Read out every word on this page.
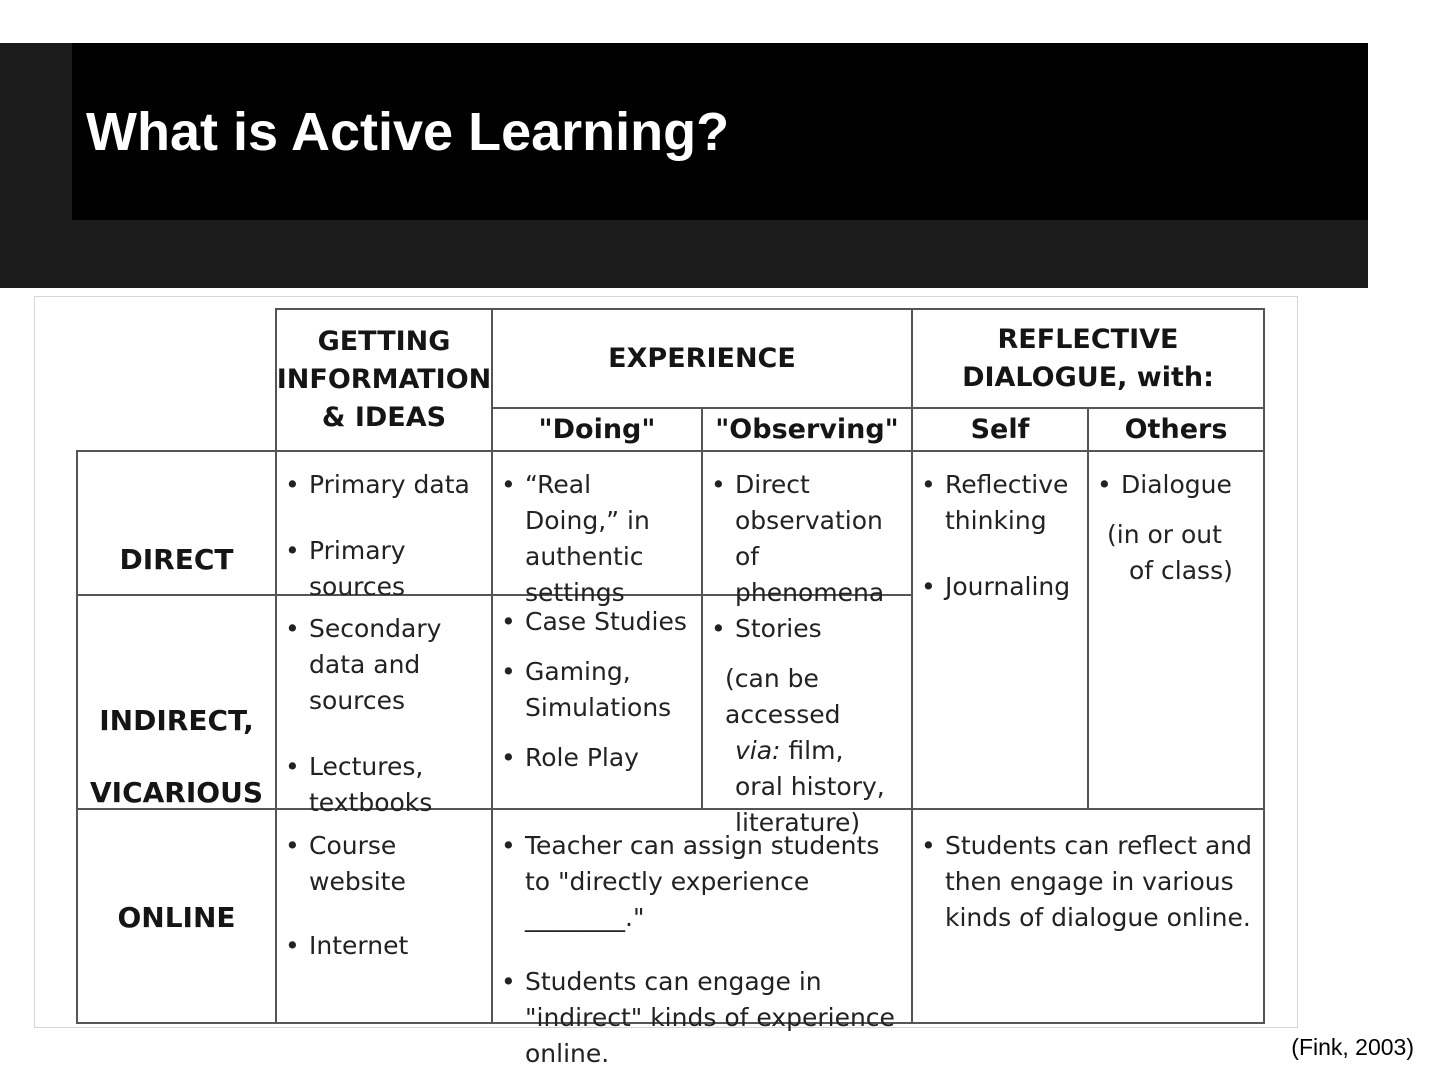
What is Active Learning?
GETTING INFORMATION & IDEAS
EXPERIENCE
REFLECTIVE DIALOGUE, with:
"Doing" "Observing"	Self	Others
DIRECT
INDIRECT,
VICARIOUS
ONLINE
• Primary data
• Primary sources
• “Real Doing,” in authentic settings
• Direct observation of phenomena
• Reflective thinking
• Journaling
• Dialogue
(in or out
of class)
• Secondary data and sources
• Lectures, textbooks
• Case Studies
• Gaming, Simulations
• Role Play
• Stories
(can be accessed
via: film,
oral history,
literature)
• Course website
• Internet
• Teacher can assign students to "directly experience ________."
• Students can engage in "indirect" kinds of experience online.
• Students can reflect and then engage in various kinds of dialogue online.
(Fink, 2003)
